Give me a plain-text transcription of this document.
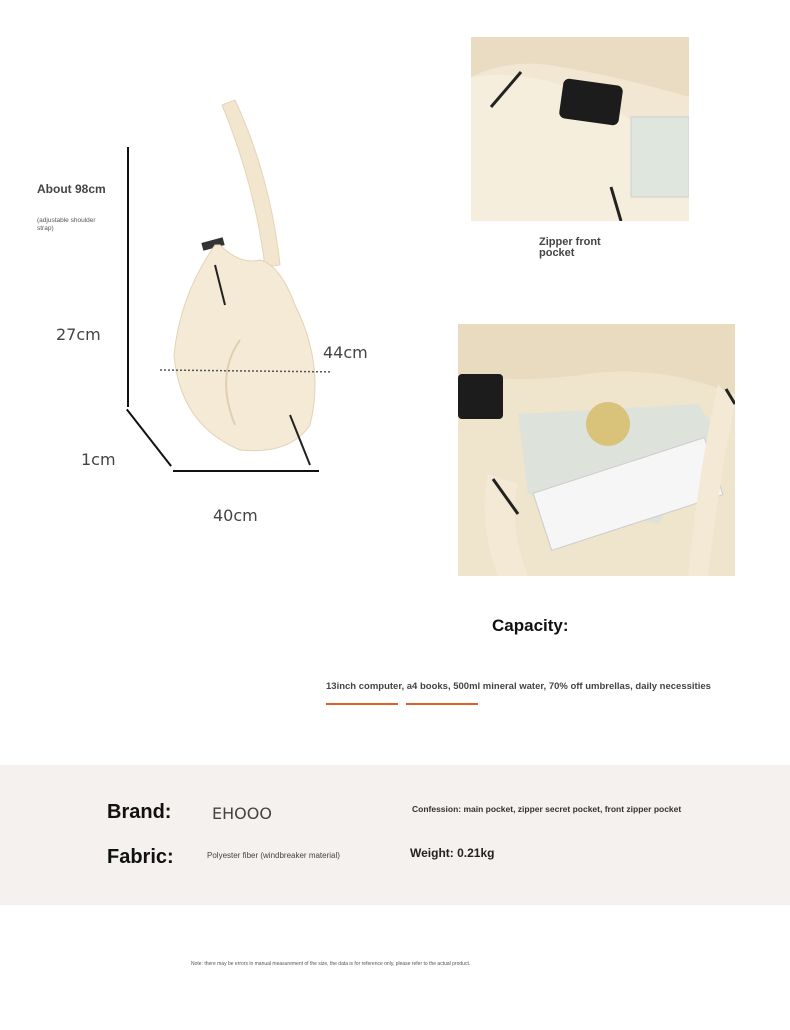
About 98cm
(adjustable shoulder strap)
27cm
44cm
1cm
40cm
Zipper front pocket
Capacity:
13inch computer, a4 books, 500ml mineral water, 70% off umbrellas, daily necessities
Brand:	EHOOO
Fabric:	Polyester fiber (windbreaker material)
Confession: main pocket, zipper secret pocket, front zipper pocket
Weight: 0.21kg
Note: there may be errors in manual measurement of the size, the data is for reference only, please refer to the actual product.
